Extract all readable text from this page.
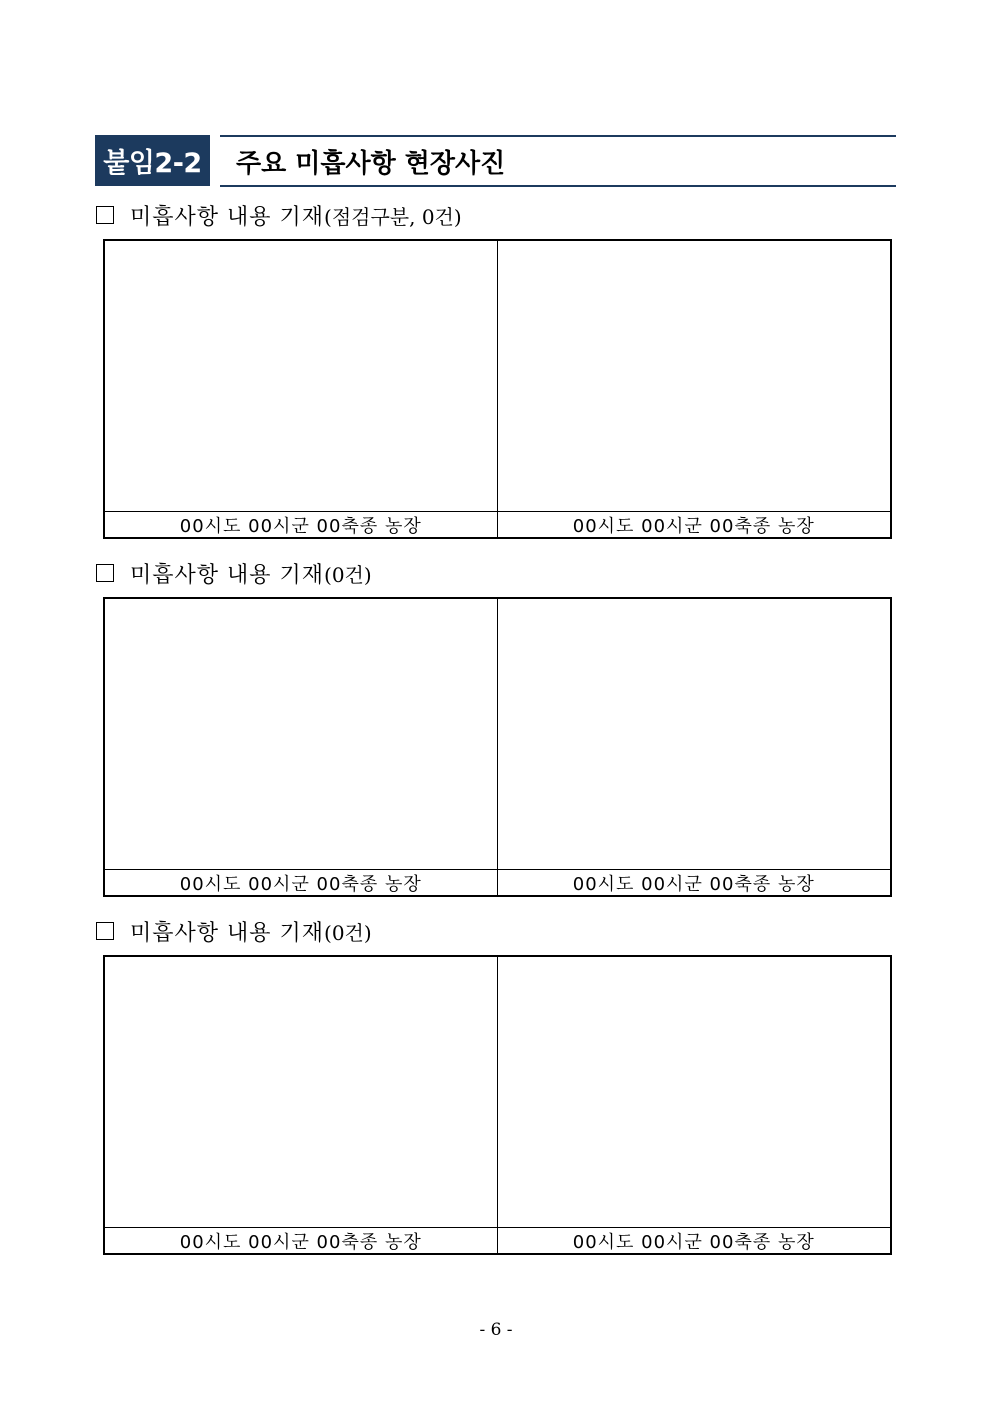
붙임2-2	주요 미흡사항 현장사진
미흡사항 내용 기재 (점검구분, 0건)
00시도 00시군 00축종 농장	00시도 00시군 00축종 농장
미흡사항 내용 기재 (0건)
00시도 00시군 00축종 농장	00시도 00시군 00축종 농장
미흡사항 내용 기재 (0건)
00시도 00시군 00축종 농장	00시도 00시군 00축종 농장
- 6 -
